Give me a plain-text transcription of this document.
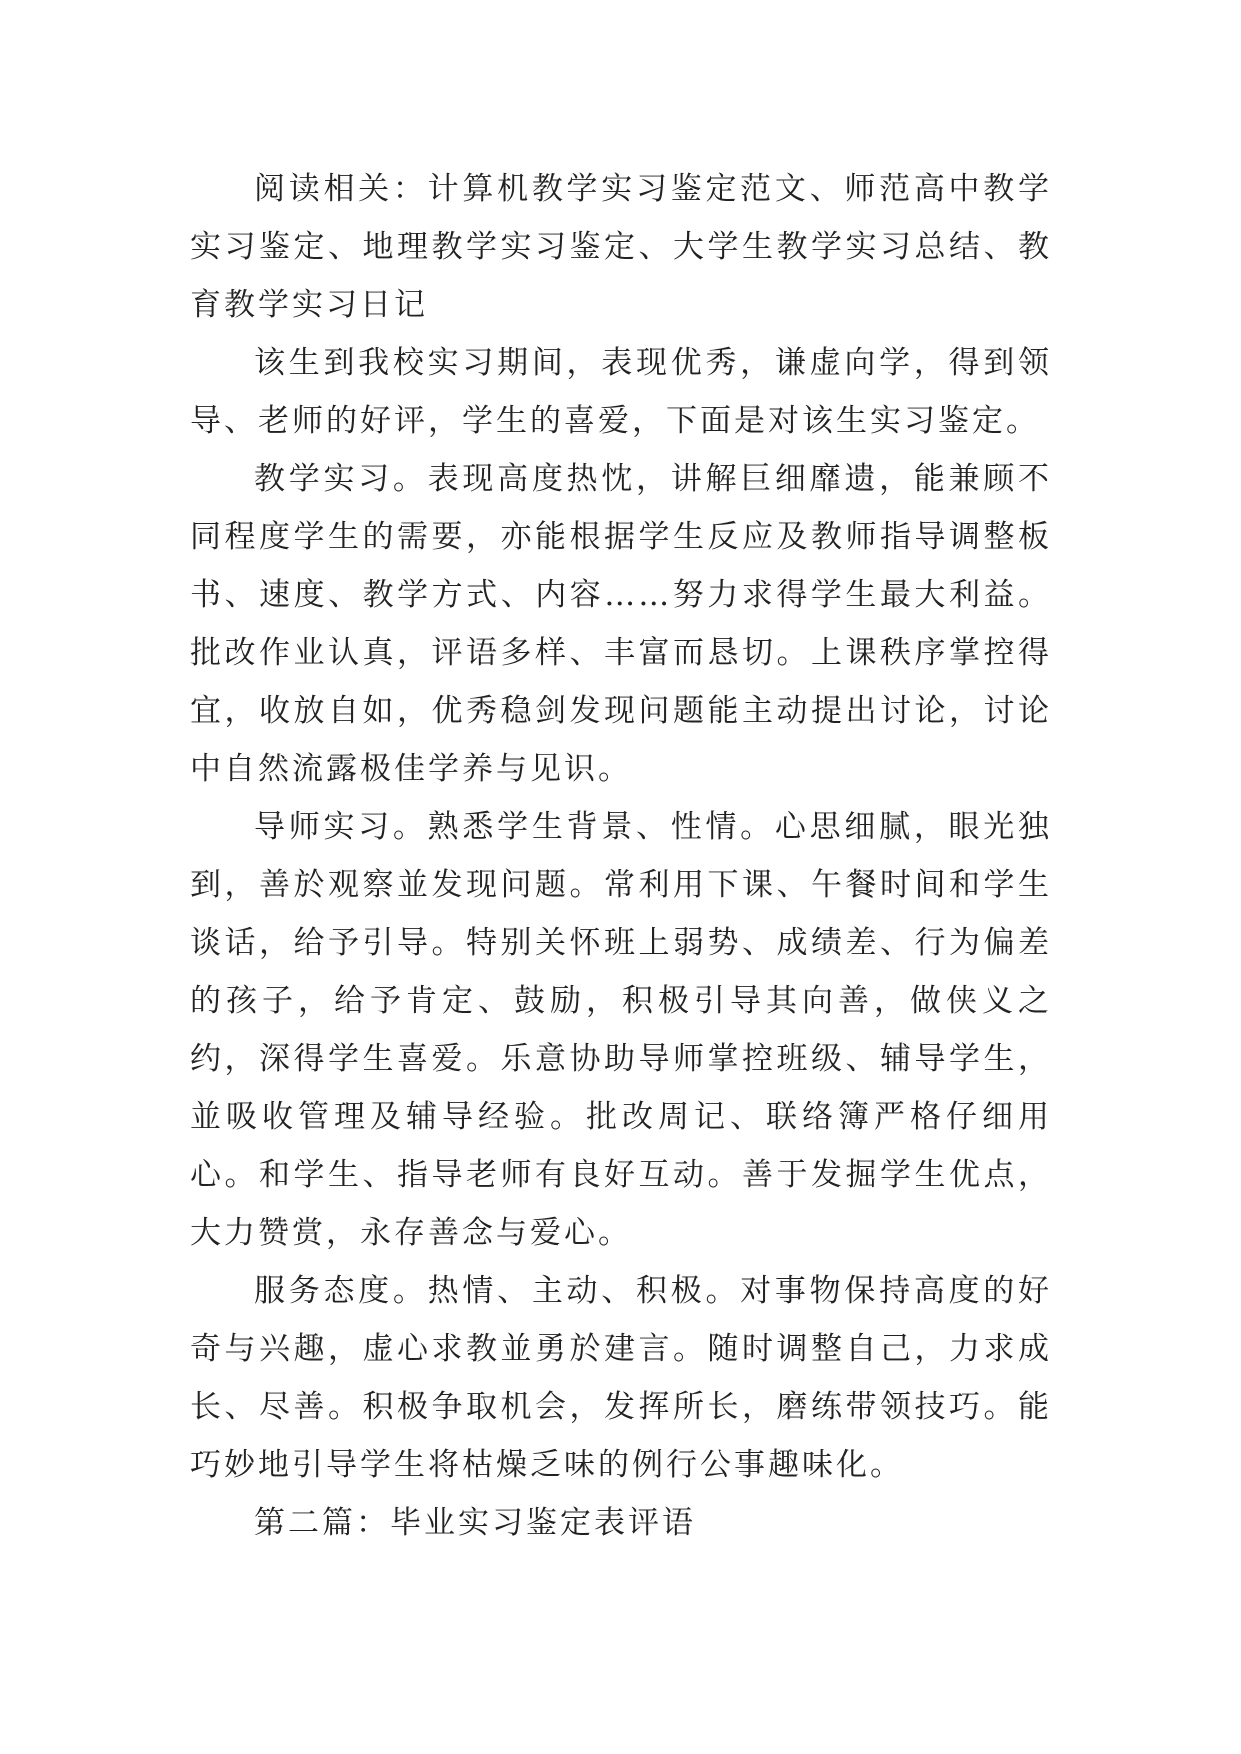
阅读相关：计算机教学实习鉴定范文、师范高中教学实习鉴定、地理教学实习鉴定、大学生教学实习总结、教育教学实习日记

该生到我校实习期间，表现优秀，谦虚向学，得到领导、老师的好评，学生的喜爱，下面是对该生实习鉴定。

教学实习。表现高度热忱，讲解巨细靡遗，能兼顾不同程度学生的需要，亦能根据学生反应及教师指导调整板书、速度、教学方式、内容……努力求得学生最大利益。批改作业认真，评语多样、丰富而恳切。上课秩序掌控得宜，收放自如，优秀稳剑发现问题能主动提出讨论，讨论中自然流露极佳学养与见识。

导师实习。熟悉学生背景、性情。心思细腻，眼光独到，善於观察並发现问题。常利用下课、午餐时间和学生谈话，给予引导。特别关怀班上弱势、成绩差、行为偏差的孩子，给予肯定、鼓励，积极引导其向善，做侠义之约，深得学生喜爱。乐意协助导师掌控班级、辅导学生，並吸收管理及辅导经验。批改周记、联络簿严格仔细用心。和学生、指导老师有良好互动。善于发掘学生优点，大力赞赏，永存善念与爱心。

服务态度。热情、主动、积极。对事物保持高度的好奇与兴趣，虚心求教並勇於建言。随时调整自己，力求成长、尽善。积极争取机会，发挥所长，磨练带领技巧。能巧妙地引导学生将枯燥乏味的例行公事趣味化。

第二篇：毕业实习鉴定表评语
